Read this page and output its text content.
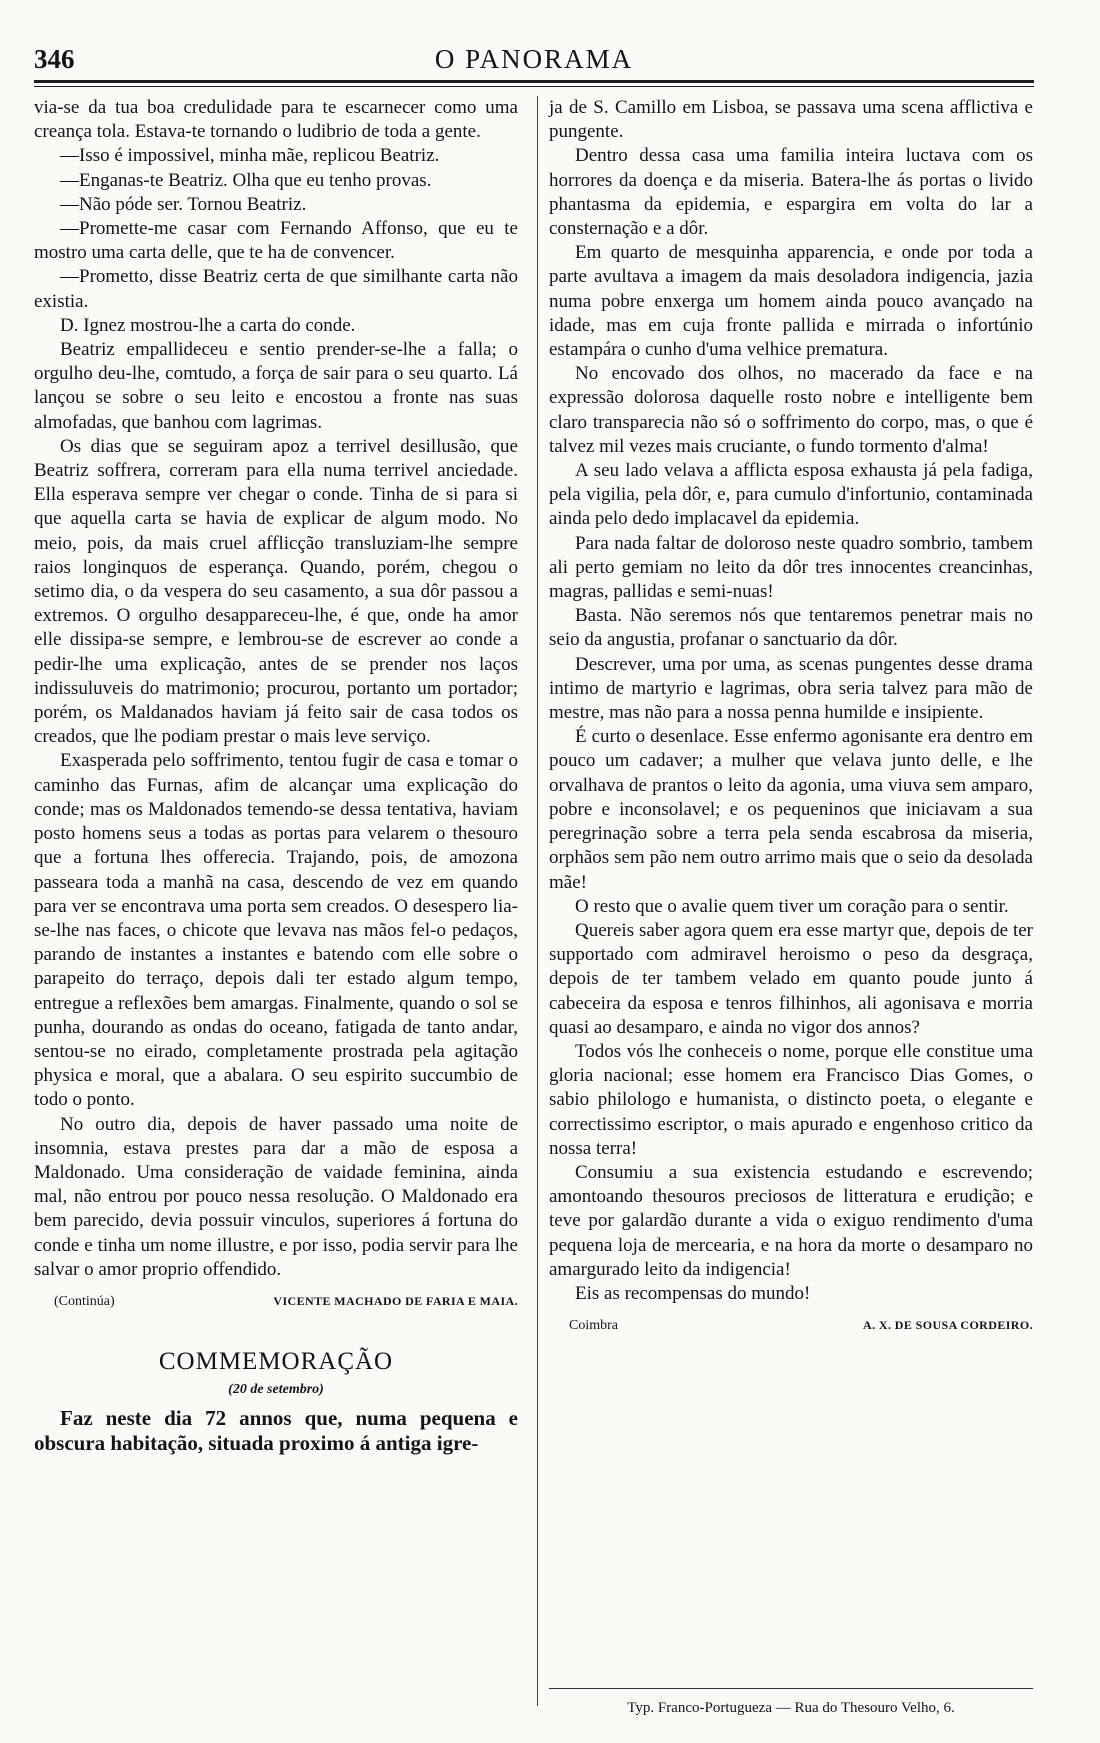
346	O PANORAMA

via-se da tua boa credulidade para te escarnecer como uma creança tola. Estava-te tornando o ludibrio de toda a gente.

—Isso é impossivel, minha mãe, replicou Beatriz.

—Enganas-te Beatriz. Olha que eu tenho provas.

—Não póde ser. Tornou Beatriz.

—Promette-me casar com Fernando Affonso, que eu te mostro uma carta delle, que te ha de convencer.

—Prometto, disse Beatriz certa de que similhante carta não existia.

D. Ignez mostrou-lhe a carta do conde.

Beatriz empallideceu e sentio prender-se-lhe a falla; o orgulho deu-lhe, comtudo, a força de sair para o seu quarto. Lá lançou se sobre o seu leito e encostou a fronte nas suas almofadas, que banhou com lagrimas.

Os dias que se seguiram apoz a terrivel desillusão, que Beatriz soffrera, correram para ella numa terrivel anciedade. Ella esperava sempre ver chegar o conde. Tinha de si para si que aquella carta se havia de explicar de algum modo. No meio, pois, da mais cruel afflicção transluziam-lhe sempre raios longinquos de esperança. Quando, porém, chegou o setimo dia, o da vespera do seu casamento, a sua dôr passou a extremos. O orgulho desappareceu-lhe, é que, onde ha amor elle dissipa-se sempre, e lembrou-se de escrever ao conde a pedir-lhe uma explicação, antes de se prender nos laços indissuluveis do matrimonio; procurou, portanto um portador; porém, os Maldanados haviam já feito sair de casa todos os creados, que lhe podiam prestar o mais leve serviço.

Exasperada pelo soffrimento, tentou fugir de casa e tomar o caminho das Furnas, afim de alcançar uma explicação do conde; mas os Maldonados temendo-se dessa tentativa, haviam posto homens seus a todas as portas para velarem o thesouro que a fortuna lhes offerecia. Trajando, pois, de amozona passeara toda a manhã na casa, descendo de vez em quando para ver se encontrava uma porta sem creados. O desespero lia-se-lhe nas faces, o chicote que levava nas mãos fel-o pedaços, parando de instantes a instantes e batendo com elle sobre o parapeito do terraço, depois dali ter estado algum tempo, entregue a reflexões bem amargas. Finalmente, quando o sol se punha, dourando as ondas do oceano, fatigada de tanto andar, sentou-se no eirado, completamente prostrada pela agitação physica e moral, que a abalara. O seu espirito succumbio de todo o ponto.

No outro dia, depois de haver passado uma noite de insomnia, estava prestes para dar a mão de esposa a Maldonado. Uma consideração de vaidade feminina, ainda mal, não entrou por pouco nessa resolução. O Maldonado era bem parecido, devia possuir vinculos, superiores á fortuna do conde e tinha um nome illustre, e por isso, podia servir para lhe salvar o amor proprio offendido.

(Continúa)	VICENTE MACHADO DE FARIA E MAIA.
COMMEMORAÇÃO
(20 de setembro)

Faz neste dia 72 annos que, numa pequena e obscura habitação, situada proximo á antiga igre-

ja de S. Camillo em Lisboa, se passava uma scena afflictiva e pungente.

Dentro dessa casa uma familia inteira luctava com os horrores da doença e da miseria. Batera-lhe ás portas o livido phantasma da epidemia, e espargira em volta do lar a consternação e a dôr.

Em quarto de mesquinha apparencia, e onde por toda a parte avultava a imagem da mais desoladora indigencia, jazia numa pobre enxerga um homem ainda pouco avançado na idade, mas em cuja fronte pallida e mirrada o infortúnio estampára o cunho d'uma velhice prematura.

No encovado dos olhos, no macerado da face e na expressão dolorosa daquelle rosto nobre e intelligente bem claro transparecia não só o soffrimento do corpo, mas, o que é talvez mil vezes mais cruciante, o fundo tormento d'alma!

A seu lado velava a afflicta esposa exhausta já pela fadiga, pela vigilia, pela dôr, e, para cumulo d'infortunio, contaminada ainda pelo dedo implacavel da epidemia.

Para nada faltar de doloroso neste quadro sombrio, tambem ali perto gemiam no leito da dôr tres innocentes creancinhas, magras, pallidas e semi-nuas!

Basta. Não seremos nós que tentaremos penetrar mais no seio da angustia, profanar o sanctuario da dôr.

Descrever, uma por uma, as scenas pungentes desse drama intimo de martyrio e lagrimas, obra seria talvez para mão de mestre, mas não para a nossa penna humilde e insipiente.

É curto o desenlace. Esse enfermo agonisante era dentro em pouco um cadaver; a mulher que velava junto delle, e lhe orvalhava de prantos o leito da agonia, uma viuva sem amparo, pobre e inconsolavel; e os pequeninos que iniciavam a sua peregrinação sobre a terra pela senda escabrosa da miseria, orphãos sem pão nem outro arrimo mais que o seio da desolada mãe!

O resto que o avalie quem tiver um coração para o sentir.

Quereis saber agora quem era esse martyr que, depois de ter supportado com admiravel heroismo o peso da desgraça, depois de ter tambem velado em quanto poude junto á cabeceira da esposa e tenros filhinhos, ali agonisava e morria quasi ao desamparo, e ainda no vigor dos annos?

Todos vós lhe conheceis o nome, porque elle constitue uma gloria nacional; esse homem era Francisco Dias Gomes, o sabio philologo e humanista, o distincto poeta, o elegante e correctissimo escriptor, o mais apurado e engenhoso critico da nossa terra!

Consumiu a sua existencia estudando e escrevendo; amontoando thesouros preciosos de litteratura e erudição; e teve por galardão durante a vida o exiguo rendimento d'uma pequena loja de mercearia, e na hora da morte o desamparo no amargurado leito da indigencia!

Eis as recompensas do mundo!

Coimbra	A. X. DE SOUSA CORDEIRO.
Typ. Franco-Portugueza — Rua do Thesouro Velho, 6.
